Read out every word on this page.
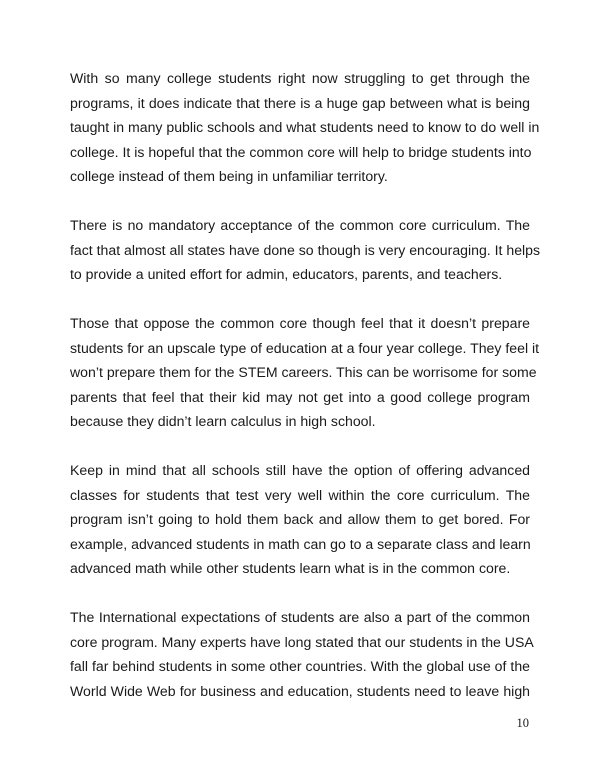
With so many college students right now struggling to get through the
programs, it does indicate that there is a huge gap between what is being
taught in many public schools and what students need to know to do well in
college. It is hopeful that the common core will help to bridge students into
college instead of them being in unfamiliar territory.

There is no mandatory acceptance of the common core curriculum. The
fact that almost all states have done so though is very encouraging. It helps
to provide a united effort for admin, educators, parents, and teachers.

Those that oppose the common core though feel that it doesn’t prepare
students for an upscale type of education at a four year college. They feel it
won’t prepare them for the STEM careers. This can be worrisome for some
parents that feel that their kid may not get into a good college program
because they didn’t learn calculus in high school.

Keep in mind that all schools still have the option of offering advanced
classes for students that test very well within the core curriculum. The
program isn’t going to hold them back and allow them to get bored. For
example, advanced students in math can go to a separate class and learn
advanced math while other students learn what is in the common core.

The International expectations of students are also a part of the common
core program. Many experts have long stated that our students in the USA
fall far behind students in some other countries. With the global use of the
World Wide Web for business and education, students need to leave high

10
